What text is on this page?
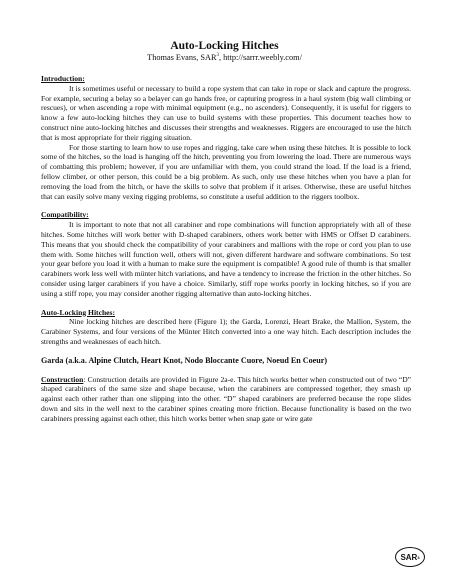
Auto-Locking Hitches
Thomas Evans, SAR$^3$, http://sarrr.weebly.com/
Introduction:

It is sometimes useful or necessary to build a rope system that can take in rope or slack and capture the progress. For example, securing a belay so a belayer can go hands free, or capturing progress in a haul system (big wall climbing or rescues), or when ascending a rope with minimal equipment (e.g., no ascenders). Consequently, it is useful for riggers to know a few auto-locking hitches they can use to build systems with these properties. This document teaches how to construct nine auto-locking hitches and discusses their strengths and weaknesses. Riggers are encouraged to use the hitch that is most appropriate for their rigging situation.

For those starting to learn how to use ropes and rigging, take care when using these hitches. It is possible to lock some of the hitches, so the load is hanging off the hitch, preventing you from lowering the load. There are numerous ways of combatting this problem; however, if you are unfamiliar with them, you could strand the load. If the load is a friend, fellow climber, or other person, this could be a big problem. As such, only use these hitches when you have a plan for removing the load from the hitch, or have the skills to solve that problem if it arises. Otherwise, these are useful hitches that can easily solve many vexing rigging problems, so constitute a useful addition to the riggers toolbox.

Compatibility:

It is important to note that not all carabiner and rope combinations will function appropriately with all of these hitches. Some hitches will work better with D-shaped carabiners, others work better with HMS or Offset D carabiners. This means that you should check the compatibility of your carabiners and mallions with the rope or cord you plan to use them with. Some hitches will function well, others will not, given different hardware and software combinations. So test your gear before you load it with a human to make sure the equipment is compatible! A good rule of thumb is that smaller carabiners work less well with münter hitch variations, and have a tendency to increase the friction in the other hitches. So consider using larger carabiners if you have a choice. Similarly, stiff rope works poorly in locking hitches, so if you are using a stiff rope, you may consider another rigging alternative than auto-locking hitches.

Auto-Locking Hitches:

Nine locking hitches are described here (Figure 1); the Garda, Lorenzi, Heart Brake, the Mallion, System, the Carabiner Systems, and four versions of the Münter Hitch converted into a one way hitch. Each description includes the strengths and weaknesses of each hitch.

Garda (a.k.a. Alpine Clutch, Heart Knot, Nodo Bloccante Cuore, Noeud En Coeur)

Construction: Construction details are provided in Figure 2a-e. This hitch works better when constructed out of two “D” shaped carabiners of the same size and shape because, when the carabiners are compressed together, they smash up against each other rather than one slipping into the other. “D” shaped carabiners are preferred because the rope slides down and sits in the well next to the carabiner spines creating more friction. Because functionality is based on the two carabiners pressing against each other, this hitch works better when snap gate or wire gate

SAR 3
